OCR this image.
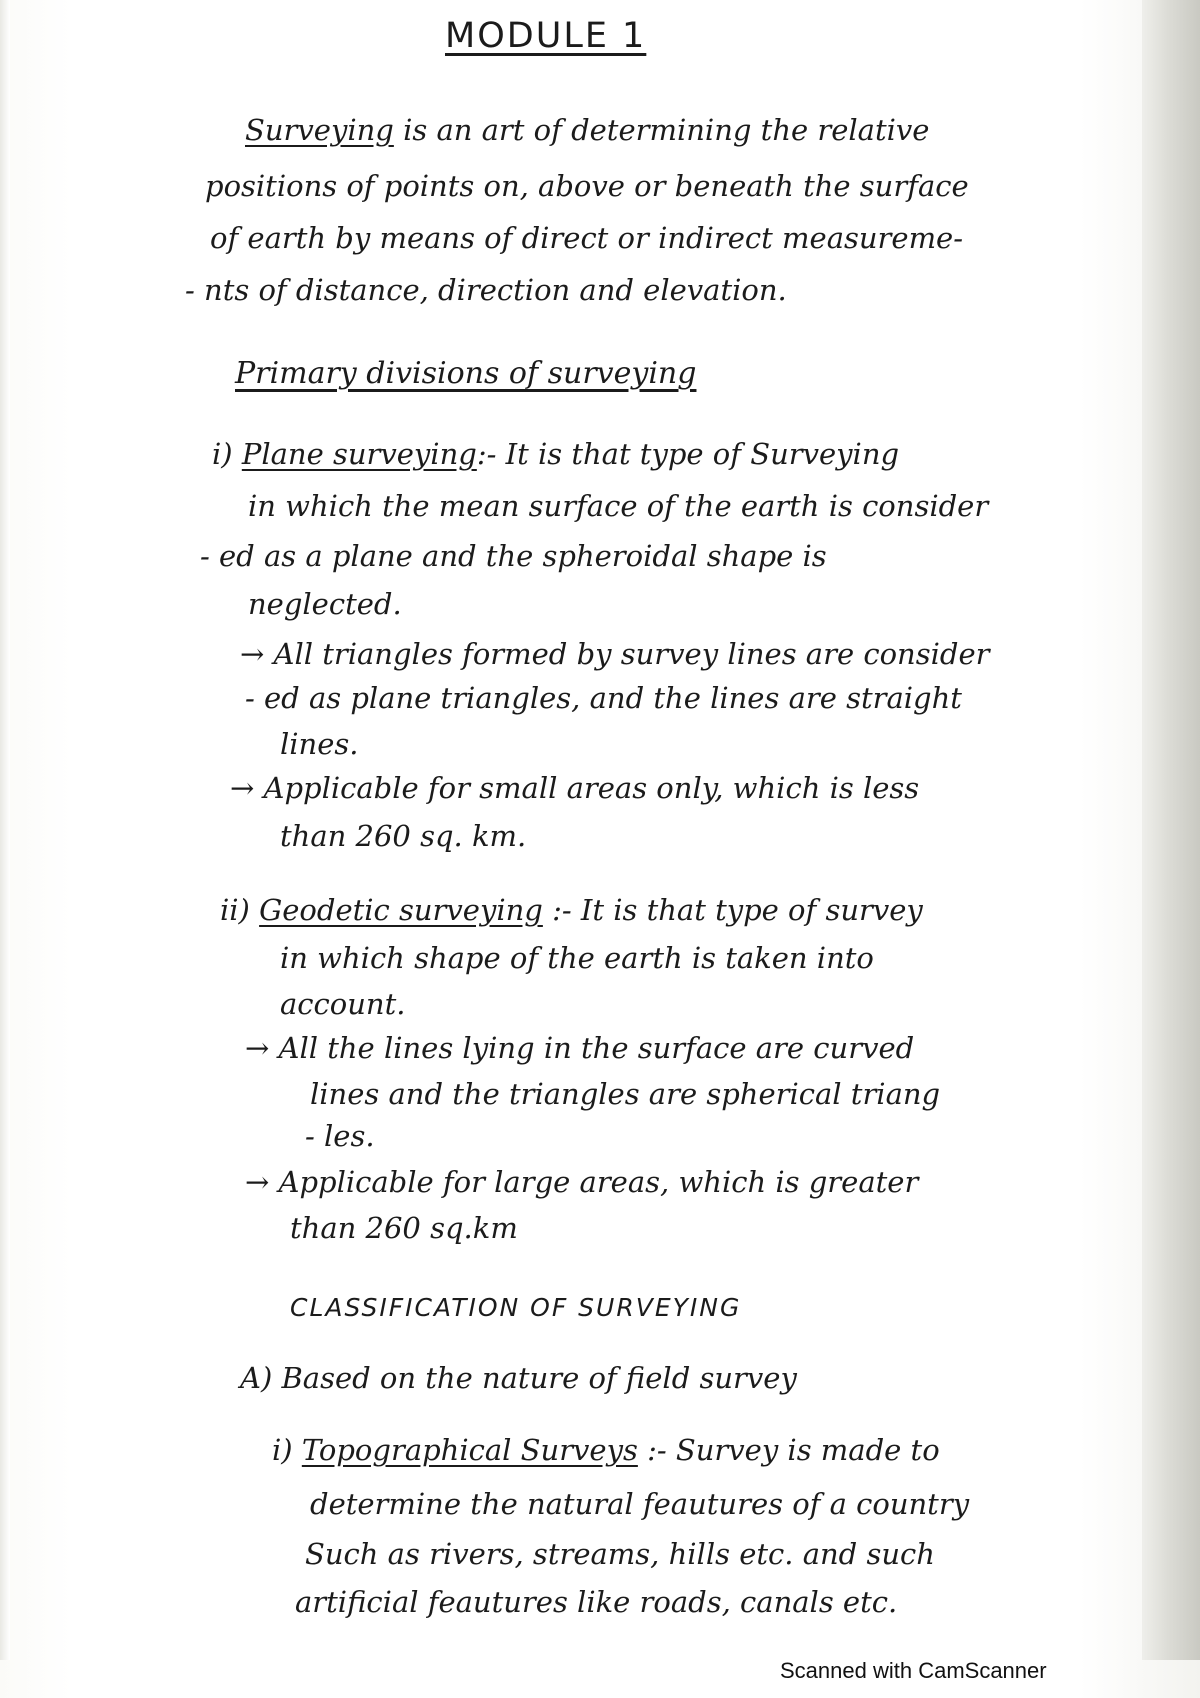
MODULE 1
Surveying is an art of determining the relative
positions of points on, above or beneath the surface
of earth by means of direct or indirect measureme-
- nts of distance, direction and elevation.
Primary divisions of surveying
i) Plane surveying:- It is that type of Surveying
in which the mean surface of the earth is consider
- ed as a plane and the spheroidal shape is
neglected.
→ All triangles formed by survey lines are consider
- ed as plane triangles, and the lines are straight
lines.
→ Applicable for small areas only, which is less
than 260 sq. km.
ii) Geodetic surveying :- It is that type of survey
in which shape of the earth is taken into
account.
→ All the lines lying in the surface are curved
lines and the triangles are spherical triang
- les.
→ Applicable for large areas, which is greater
than 260 sq.km
CLASSIFICATION OF SURVEYING
A) Based on the nature of field survey
i) Topographical Surveys :- Survey is made to
determine the natural feautures of a country
Such as rivers, streams, hills etc. and such
artificial feautures like roads, canals etc.
Scanned with CamScanner
